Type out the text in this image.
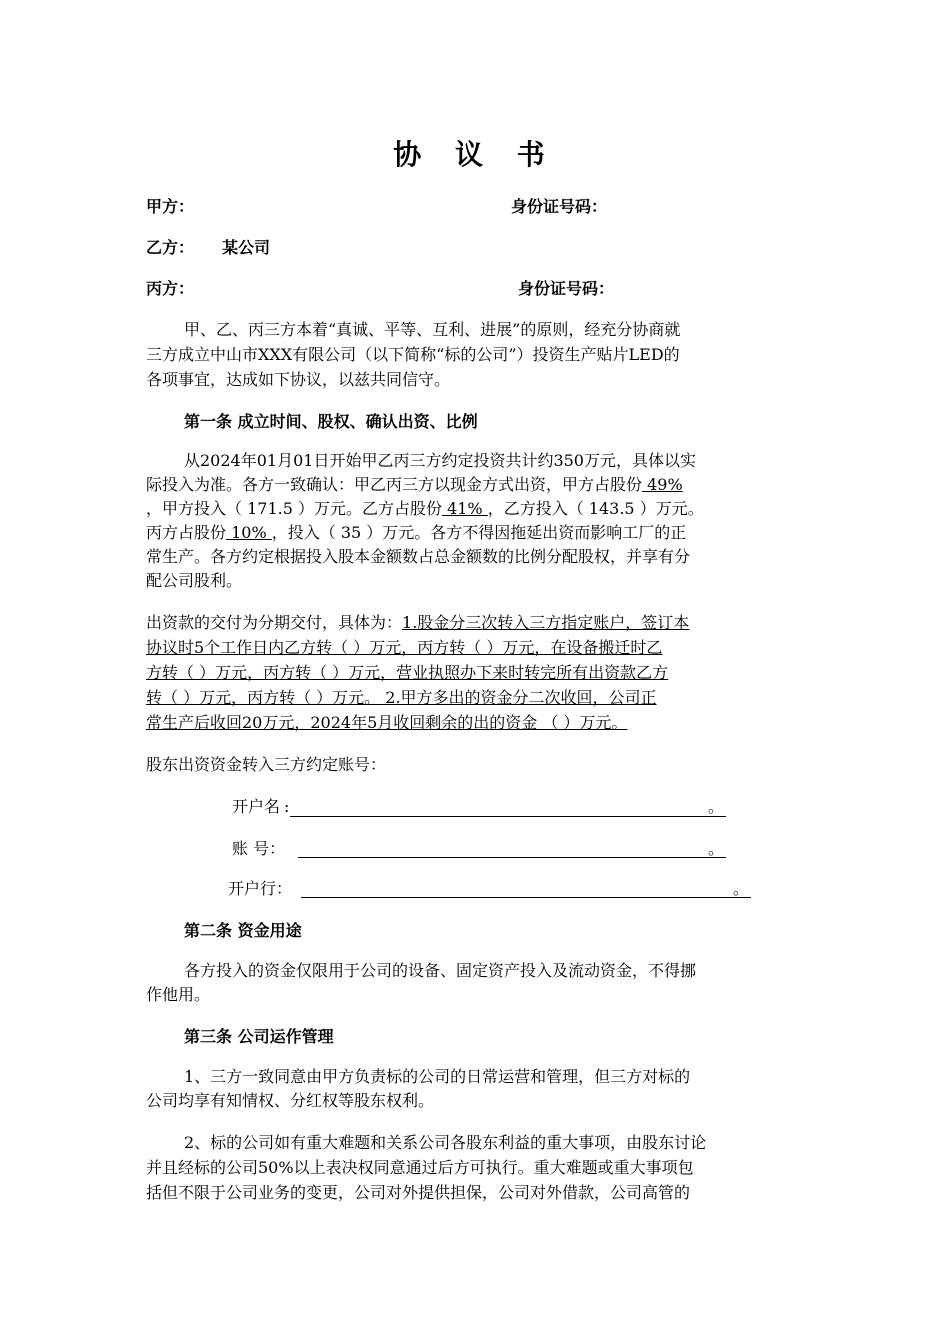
协 议 书
甲方：	身份证号码：
乙方： 某公司
丙方：	身份证号码：
甲、乙、丙三方本着“真诚、平等、互利、进展”的原则，经充分协商就
三方成立中山市XXX有限公司（以下简称“标的公司”）投资生产贴片LED的
各项事宜，达成如下协议，以兹共同信守。
第一条 成立时间、股权、确认出资、比例
从2024年01月01日开始甲乙丙三方约定投资共计约350万元，具体以实
际投入为准。各方一致确认：甲乙丙三方以现金方式出资，甲方占股份 49%
，甲方投入（ 171.5 ）万元。乙方占股份 41% ，乙方投入（ 143.5 ）万元。
丙方占股份 10% ，投入（ 35 ）万元。各方不得因拖延出资而影响工厂的正
常生产。各方约定根据投入股本金额数占总金额数的比例分配股权，并享有分
配公司股利。
出资款的交付为分期交付，具体为：1.股金分三次转入三方指定账户，签订本
协议时5个工作日内乙方转（ ）万元，丙方转（ ）万元，在设备搬迁时乙
方转（ ）万元，丙方转（ ）万元，营业执照办下来时转完所有出资款乙方
转（ ）万元，丙方转（ ）万元。 2.甲方多出的资金分二次收回，公司正
常生产后收回20万元，2024年5月收回剩余的出的资金 （ ）万元。
股东出资资金转入三方约定账号：
开户名 :	。
账 号：	。
开户行：	。
第二条 资金用途
各方投入的资金仅限用于公司的设备、固定资产投入及流动资金，不得挪
作他用。
第三条 公司运作管理
1、三方一致同意由甲方负责标的公司的日常运营和管理，但三方对标的
公司均享有知情权、分红权等股东权利。
2、标的公司如有重大难题和关系公司各股东利益的重大事项，由股东讨论
并且经标的公司50%以上表决权同意通过后方可执行。重大难题或重大事项包
括但不限于公司业务的变更，公司对外提供担保，公司对外借款，公司高管的
